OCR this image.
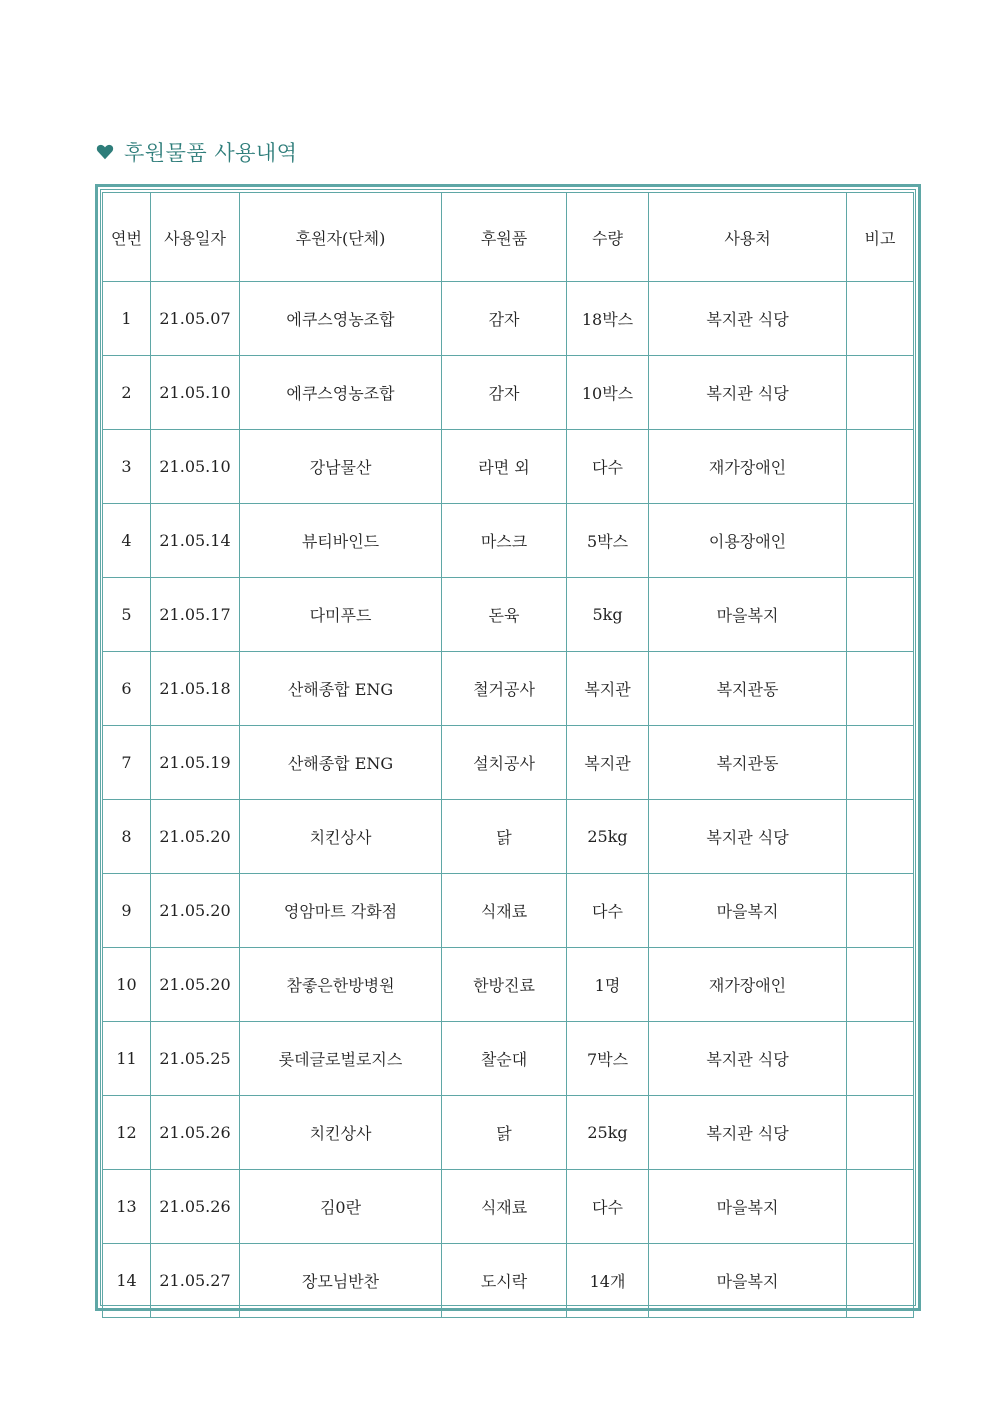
후원물품 사용내역
연번	사용일자	후원자(단체)	후원품	수량	사용처	비고
1	21.05.07	에쿠스영농조합	감자	18박스	복지관 식당	
2	21.05.10	에쿠스영농조합	감자	10박스	복지관 식당	
3	21.05.10	강남물산	라면 외	다수	재가장애인	
4	21.05.14	뷰티바인드	마스크	5박스	이용장애인	
5	21.05.17	다미푸드	돈육	5kg	마을복지	
6	21.05.18	산해종합 ENG	철거공사	복지관	복지관동	
7	21.05.19	산해종합 ENG	설치공사	복지관	복지관동	
8	21.05.20	치킨상사	닭	25kg	복지관 식당	
9	21.05.20	영암마트 각화점	식재료	다수	마을복지	
10	21.05.20	참좋은한방병원	한방진료	1명	재가장애인	
11	21.05.25	롯데글로벌로지스	찰순대	7박스	복지관 식당	
12	21.05.26	치킨상사	닭	25kg	복지관 식당	
13	21.05.26	김0란	식재료	다수	마을복지	
14	21.05.27	장모님반찬	도시락	14개	마을복지	
